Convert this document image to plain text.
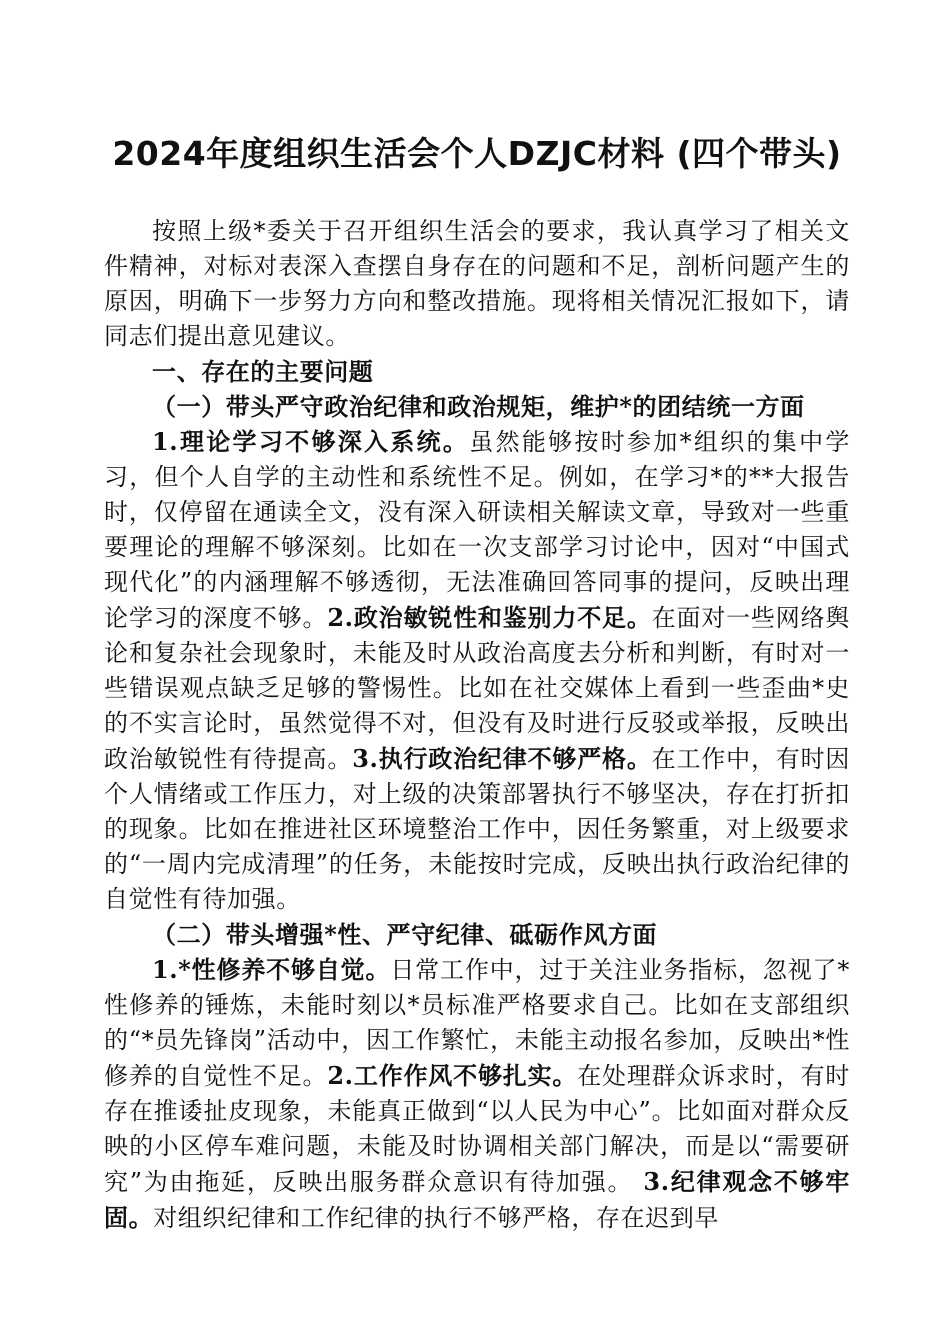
2024年度组织生活会个人DZJC材料 (四个带头)

按照上级*委关于召开组织生活会的要求，我认真学习了相关文件精神，对标对表深入查摆自身存在的问题和不足，剖析问题产生的原因，明确下一步努力方向和整改措施。现将相关情况汇报如下，请同志们提出意见建议。

一、存在的主要问题

（一）带头严守政治纪律和政治规矩，维护*的团结统一方面

1.理论学习不够深入系统。虽然能够按时参加*组织的集中学习，但个人自学的主动性和系统性不足。例如，在学习*的**大报告时，仅停留在通读全文，没有深入研读相关解读文章，导致对一些重要理论的理解不够深刻。比如在一次支部学习讨论中，因对“中国式现代化”的内涵理解不够透彻，无法准确回答同事的提问，反映出理论学习的深度不够。2.政治敏锐性和鉴别力不足。在面对一些网络舆论和复杂社会现象时，未能及时从政治高度去分析和判断，有时对一些错误观点缺乏足够的警惕性。比如在社交媒体上看到一些歪曲*史的不实言论时，虽然觉得不对，但没有及时进行反驳或举报，反映出政治敏锐性有待提高。3.执行政治纪律不够严格。在工作中，有时因个人情绪或工作压力，对上级的决策部署执行不够坚决，存在打折扣的现象。比如在推进社区环境整治工作中，因任务繁重，对上级要求的“一周内完成清理”的任务，未能按时完成，反映出执行政治纪律的自觉性有待加强。

（二）带头增强*性、严守纪律、砥砺作风方面

1.*性修养不够自觉。日常工作中，过于关注业务指标，忽视了*性修养的锤炼，未能时刻以*员标准严格要求自己。比如在支部组织的“*员先锋岗”活动中，因工作繁忙，未能主动报名参加，反映出*性修养的自觉性不足。2.工作作风不够扎实。在处理群众诉求时，有时存在推诿扯皮现象，未能真正做到“以人民为中心”。比如面对群众反映的小区停车难问题，未能及时协调相关部门解决，而是以“需要研究”为由拖延，反映出服务群众意识有待加强。 3.纪律观念不够牢固。对组织纪律和工作纪律的执行不够严格，存在迟到早
